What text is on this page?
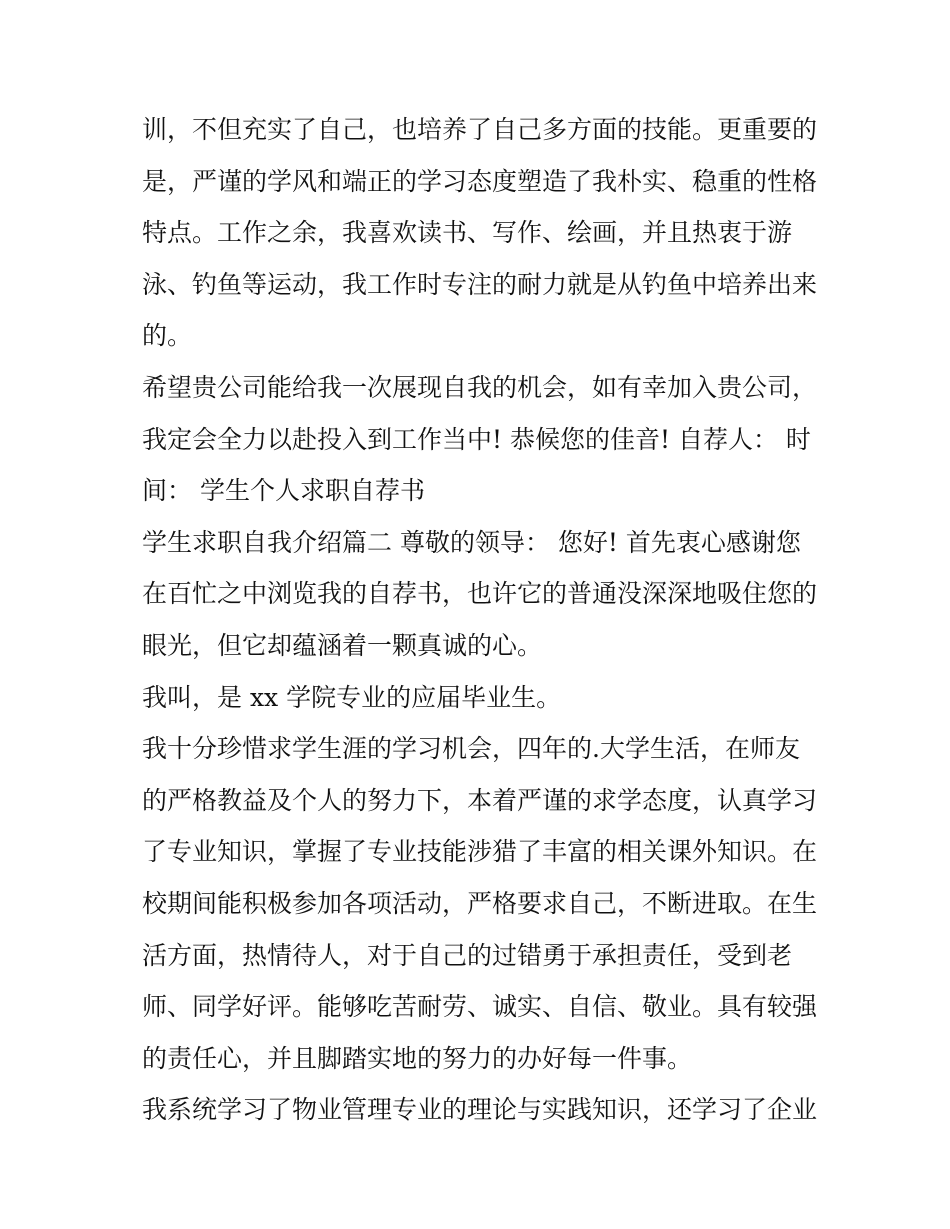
训，不但充实了自己，也培养了自己多方面的技能。更重要的
是，严谨的学风和端正的学习态度塑造了我朴实、稳重的性格
特点。工作之余，我喜欢读书、写作、绘画，并且热衷于游
泳、钓鱼等运动，我工作时专注的耐力就是从钓鱼中培养出来
的。
希望贵公司能给我一次展现自我的机会，如有幸加入贵公司，
我定会全力以赴投入到工作当中! 恭候您的佳音! 自荐人： 时
间： 学生个人求职自荐书
学生求职自我介绍篇二 尊敬的领导： 您好! 首先衷心感谢您
在百忙之中浏览我的自荐书，也许它的普通没深深地吸住您的
眼光，但它却蕴涵着一颗真诚的心。
我叫，是 xx 学院专业的应届毕业生。
我十分珍惜求学生涯的学习机会，四年的.大学生活，在师友
的严格教益及个人的努力下，本着严谨的求学态度，认真学习
了专业知识，掌握了专业技能涉猎了丰富的相关课外知识。在
校期间能积极参加各项活动，严格要求自己，不断进取。在生
活方面，热情待人，对于自己的过错勇于承担责任，受到老
师、同学好评。能够吃苦耐劳、诚实、自信、敬业。具有较强
的责任心，并且脚踏实地的努力的办好每一件事。
我系统学习了物业管理专业的理论与实践知识，还学习了企业
